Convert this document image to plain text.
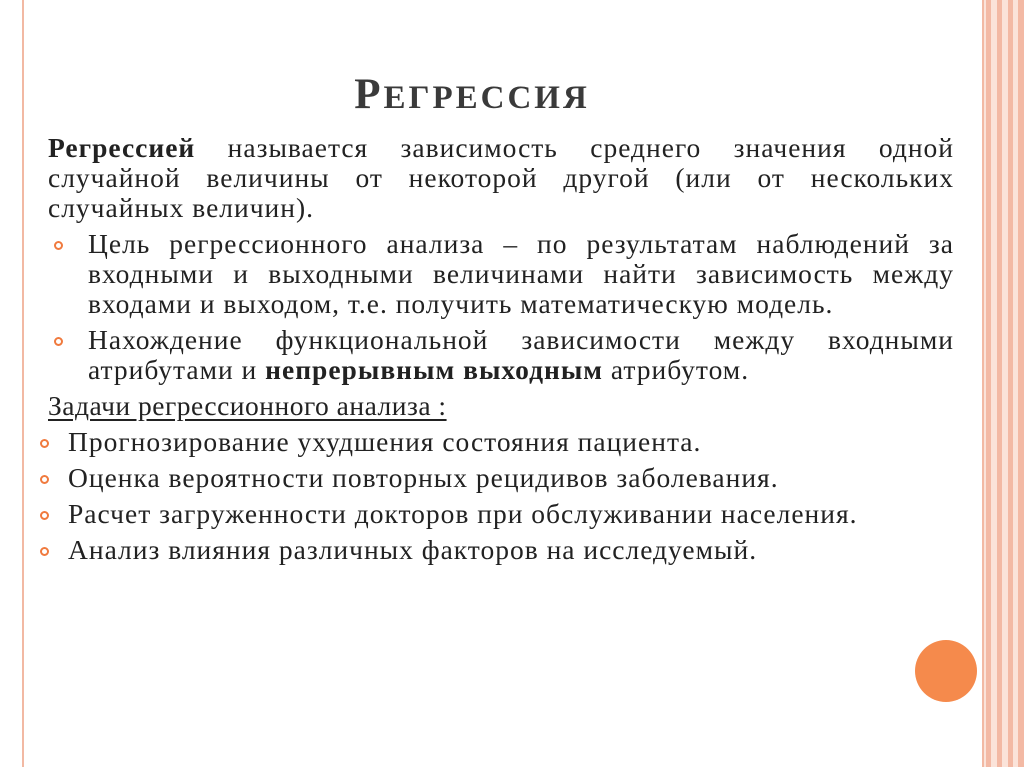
РЕГРЕССИЯ
Регрессией называется зависимость среднего значения одной случайной величины от некоторой другой (или от нескольких случайных величин).
Цель регрессионного анализа – по результатам наблюдений за входными и выходными величинами найти зависимость между входами и выходом, т.е. получить математическую модель.
Нахождение функциональной зависимости между входными атрибутами и непрерывным выходным атрибутом.
Задачи регрессионного анализа :
Прогнозирование ухудшения состояния пациента.
Оценка вероятности повторных рецидивов заболевания.
Расчет загруженности докторов при обслуживании населения.
Анализ влияния различных факторов на исследуемый.
